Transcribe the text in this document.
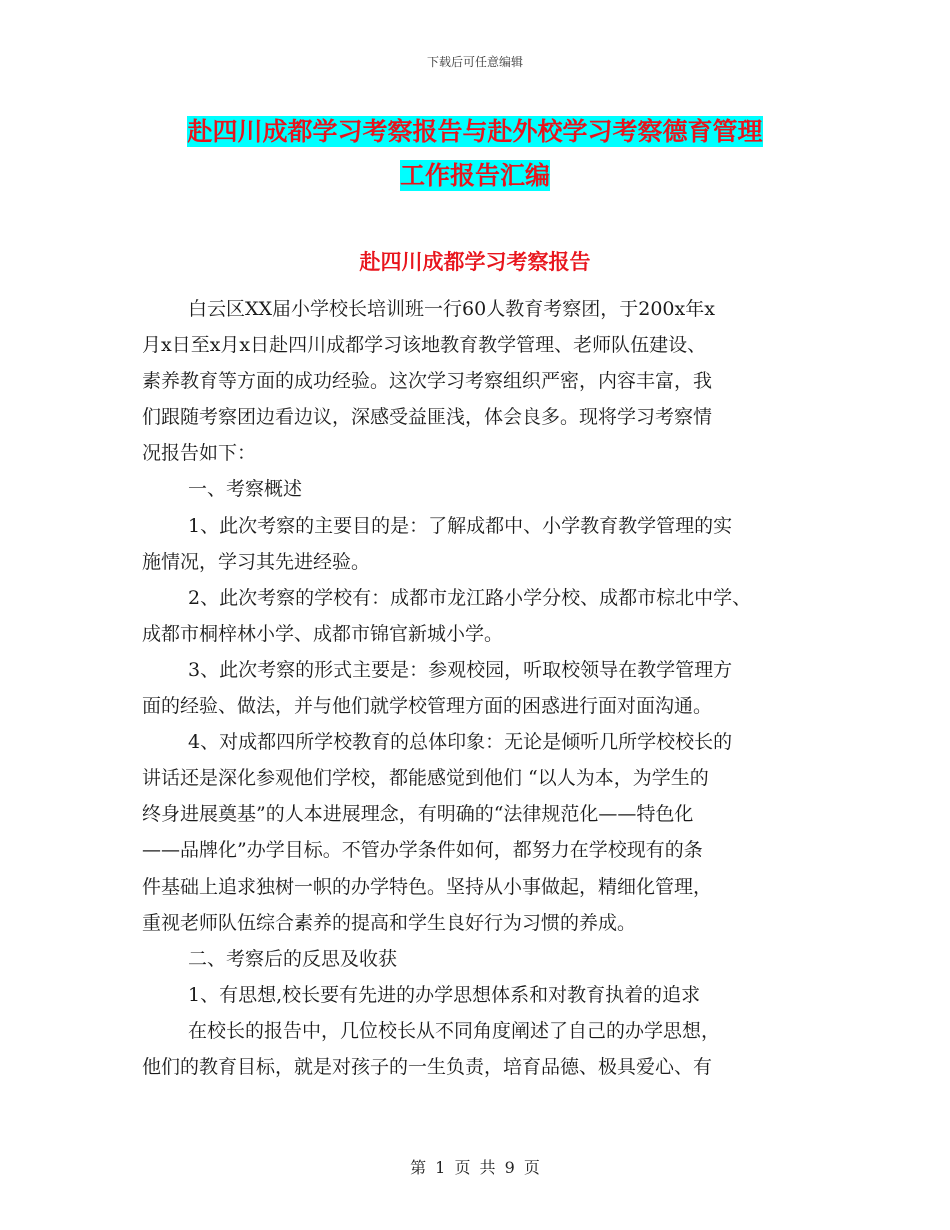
下载后可任意编辑
赴四川成都学习考察报告与赴外校学习考察德育管理
工作报告汇编
赴四川成都学习考察报告
白云区XX届小学校长培训班一行60人教育考察团，于200x年x
月x日至x月x日赴四川成都学习该地教育教学管理、老师队伍建设、
素养教育等方面的成功经验。这次学习考察组织严密，内容丰富，我
们跟随考察团边看边议，深感受益匪浅，体会良多。现将学习考察情
况报告如下：
一、考察概述
1、此次考察的主要目的是：了解成都中、小学教育教学管理的实
施情况，学习其先进经验。
2、此次考察的学校有：成都市龙江路小学分校、成都市棕北中学、
成都市桐梓林小学、成都市锦官新城小学。
3、此次考察的形式主要是：参观校园，听取校领导在教学管理方
面的经验、做法，并与他们就学校管理方面的困惑进行面对面沟通。
4、对成都四所学校教育的总体印象：无论是倾听几所学校校长的
讲话还是深化参观他们学校，都能感觉到他们 “以人为本，为学生的
终身进展奠基”的人本进展理念，有明确的“法律规范化——特色化
——品牌化”办学目标。不管办学条件如何，都努力在学校现有的条
件基础上追求独树一帜的办学特色。坚持从小事做起，精细化管理，
重视老师队伍综合素养的提高和学生良好行为习惯的养成。
二、考察后的反思及收获
1、有思想,校长要有先进的办学思想体系和对教育执着的追求
在校长的报告中，几位校长从不同角度阐述了自己的办学思想，
他们的教育目标，就是对孩子的一生负责，培育品德、极具爱心、有
第 1 页 共 9 页
